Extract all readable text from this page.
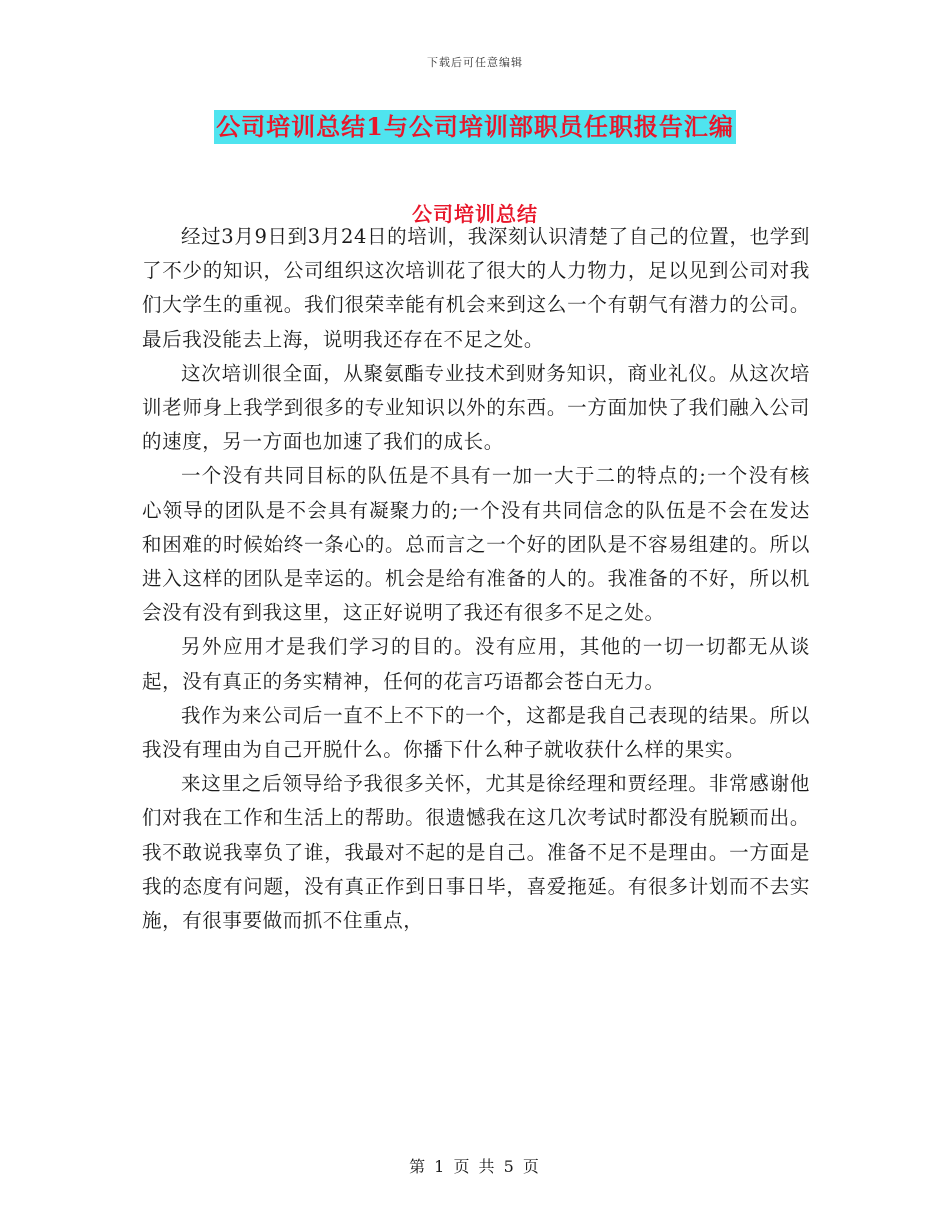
下载后可任意编辑
公司培训总结1与公司培训部职员任职报告汇编
公司培训总结

经过3月9日到3月24日的培训，我深刻认识清楚了自己的位置，也学到了不少的知识，公司组织这次培训花了很大的人力物力，足以见到公司对我们大学生的重视。我们很荣幸能有机会来到这么一个有朝气有潜力的公司。最后我没能去上海，说明我还存在不足之处。

这次培训很全面，从聚氨酯专业技术到财务知识，商业礼仪。从这次培训老师身上我学到很多的专业知识以外的东西。一方面加快了我们融入公司的速度，另一方面也加速了我们的成长。

一个没有共同目标的队伍是不具有一加一大于二的特点的;一个没有核心领导的团队是不会具有凝聚力的;一个没有共同信念的队伍是不会在发达和困难的时候始终一条心的。总而言之一个好的团队是不容易组建的。所以进入这样的团队是幸运的。机会是给有准备的人的。我准备的不好，所以机会没有没有到我这里，这正好说明了我还有很多不足之处。

另外应用才是我们学习的目的。没有应用，其他的一切一切都无从谈起，没有真正的务实精神，任何的花言巧语都会苍白无力。

我作为来公司后一直不上不下的一个，这都是我自己表现的结果。所以我没有理由为自己开脱什么。你播下什么种子就收获什么样的果实。

来这里之后领导给予我很多关怀，尤其是徐经理和贾经理。非常感谢他们对我在工作和生活上的帮助。很遗憾我在这几次考试时都没有脱颖而出。我不敢说我辜负了谁，我最对不起的是自己。准备不足不是理由。一方面是我的态度有问题，没有真正作到日事日毕，喜爱拖延。有很多计划而不去实施，有很事要做而抓不住重点，

第 1 页 共 5 页
